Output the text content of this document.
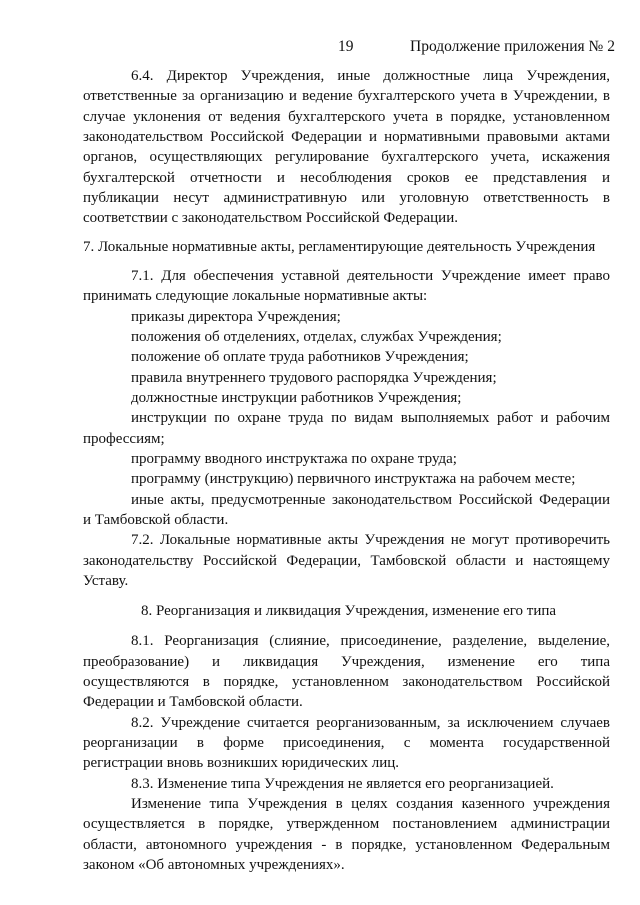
19	Продолжение приложения № 2
6.4. Директор Учреждения, иные должностные лица Учреждения,
ответственные за организацию и ведение бухгалтерского учета в Учреждении, в
случае уклонения от ведения бухгалтерского учета в порядке, установленном
законодательством Российской Федерации и нормативными правовыми актами
органов, осуществляющих регулирование бухгалтерского учета, искажения
бухгалтерской отчетности и несоблюдения сроков ее представления и
публикации несут административную или уголовную ответственность в
соответствии с законодательством Российской Федерации.
7. Локальные нормативные акты, регламентирующие деятельность Учреждения
7.1. Для обеспечения уставной деятельности Учреждение имеет право
принимать следующие локальные нормативные акты:
приказы директора Учреждения;
положения об отделениях, отделах, службах Учреждения;
положение об оплате труда работников Учреждения;
правила внутреннего трудового распорядка Учреждения;
должностные инструкции работников Учреждения;
инструкции по охране труда по видам выполняемых работ и рабочим
профессиям;
программу вводного инструктажа по охране труда;
программу (инструкцию) первичного инструктажа на рабочем месте;
иные акты, предусмотренные законодательством Российской Федерации
и Тамбовской области.
7.2. Локальные нормативные акты Учреждения не могут противоречить
законодательству Российской Федерации, Тамбовской области и настоящему
Уставу.
8. Реорганизация и ликвидация Учреждения, изменение его типа
8.1. Реорганизация (слияние, присоединение, разделение, выделение,
преобразование) и ликвидация Учреждения, изменение его типа
осуществляются в порядке, установленном законодательством Российской
Федерации и Тамбовской области.
8.2. Учреждение считается реорганизованным, за исключением случаев
реорганизации в форме присоединения, с момента государственной
регистрации вновь возникших юридических лиц.
8.3. Изменение типа Учреждения не является его реорганизацией.
Изменение типа Учреждения в целях создания казенного учреждения
осуществляется в порядке, утвержденном постановлением администрации
области, автономного учреждения - в порядке, установленном Федеральным
законом «Об автономных учреждениях».
